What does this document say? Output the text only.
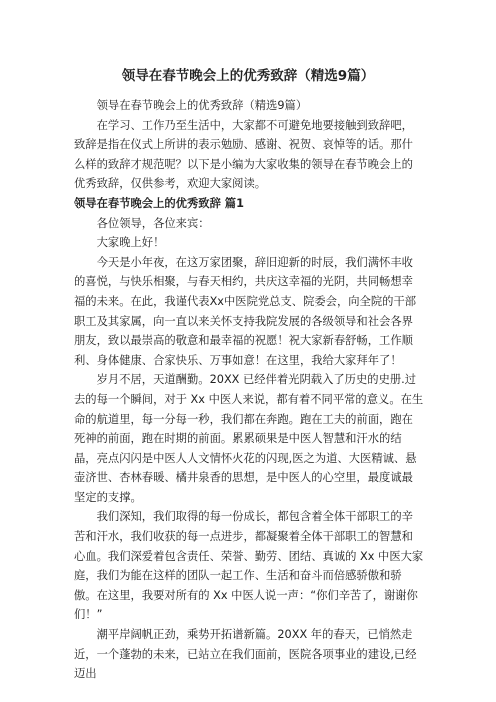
领导在春节晚会上的优秀致辞（精选9篇）

领导在春节晚会上的优秀致辞（精选9篇）

在学习、工作乃至生活中，大家都不可避免地要接触到致辞吧，致辞是指在仪式上所讲的表示勉励、感谢、祝贺、哀悼等的话。那什么样的致辞才规范呢？以下是小编为大家收集的领导在春节晚会上的优秀致辞，仅供参考，欢迎大家阅读。

领导在春节晚会上的优秀致辞 篇1

各位领导，各位来宾：

大家晚上好！

今天是小年夜，在这万家团聚，辞旧迎新的时辰，我们满怀丰收的喜悦，与快乐相聚，与春天相约，共庆这幸福的光阴，共同畅想幸福的未来。在此，我谨代表Xx中医院党总支、院委会，向全院的干部职工及其家属，向一直以来关怀支持我院发展的各级领导和社会各界朋友，致以最崇高的敬意和最幸福的祝愿！祝大家新春舒畅，工作顺利、身体健康、合家快乐、万事如意！在这里，我给大家拜年了！

岁月不居，天道酬勤。20XX 已经伴着光阴载入了历史的史册.过去的每一个瞬间，对于 Xx 中医人来说，都有着不同平常的意义。在生命的航道里，每一分每一秒，我们都在奔跑。跑在工夫的前面，跑在死神的前面，跑在时期的前面。累累硕果是中医人智慧和汗水的结晶，亮点闪闪是中医人人文情怀火花的闪现,医之为道、大医精诚、悬壶济世、杏林春暖、橘井泉香的思想，是中医人的心空里，最度诚最坚定的支撑。

我们深知，我们取得的每一份成长，都包含着全体干部职工的辛苦和汗水，我们收获的每一点进步，都凝聚着全体干部职工的智慧和心血。我们深爱着包含责任、荣誉、勤劳、团结、真诚的 Xx 中医大家庭，我们为能在这样的团队一起工作、生活和奋斗而倍感骄傲和骄傲。在这里，我要对所有的 Xx 中医人说一声：“你们辛苦了，谢谢你们！”

潮平岸阔帆正劲，乘势开拓谱新篇。20XX 年的春天，已悄然走近，一个蓬勃的未来，已站立在我们面前，医院各项事业的建设,已经迈出
